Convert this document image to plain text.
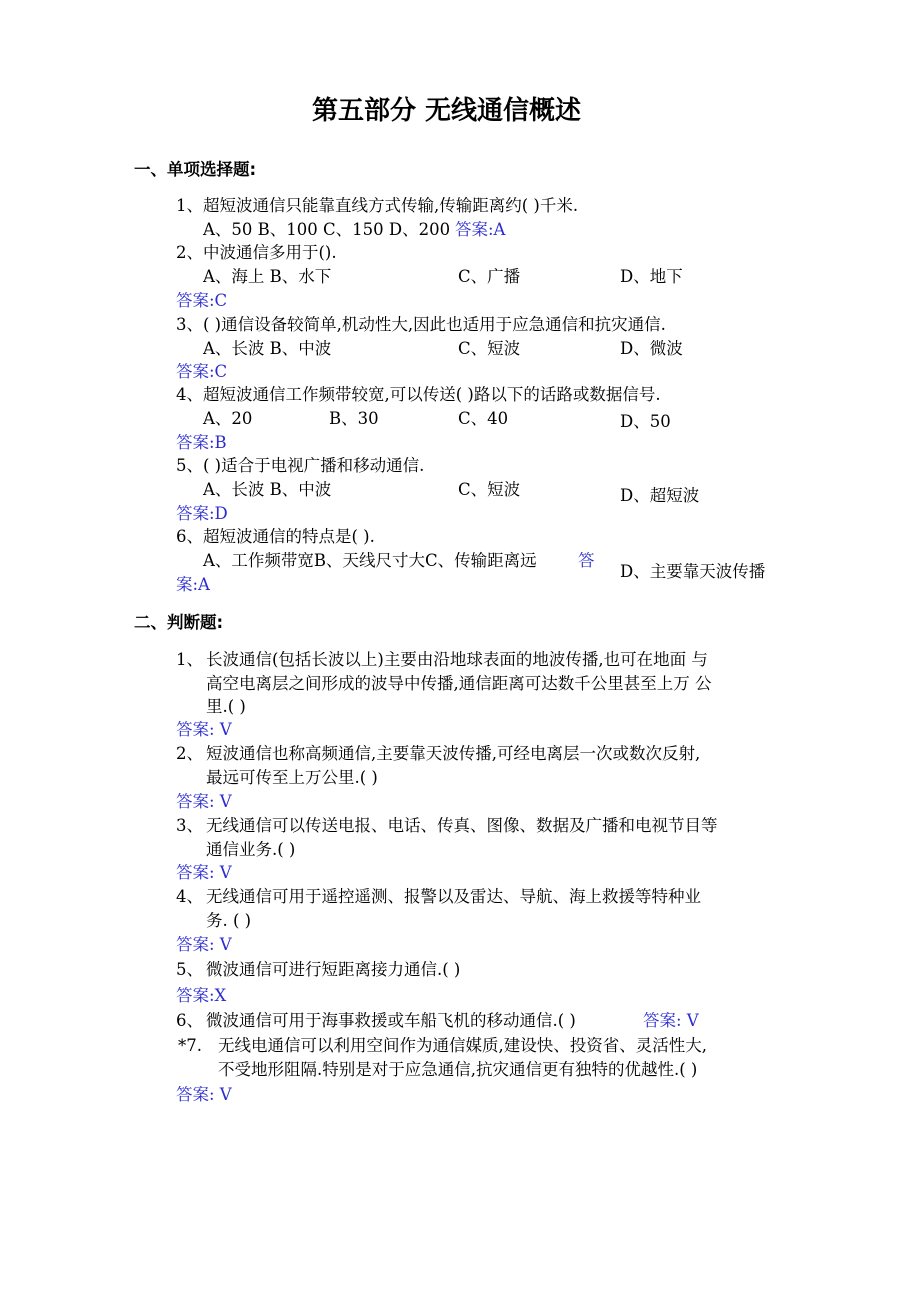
第五部分 无线通信概述
一、单项选择题:
1、超短波通信只能靠直线方式传输,传输距离约( )千米.
A、50 B、100 C、150 D、200 答案:A
2、中波通信多用于().
A、海上 B、水下	C、广播	D、地下
答案:C
3、( )通信设备较简单,机动性大,因此也适用于应急通信和抗灾通信.
A、长波 B、中波	C、短波	D、微波
答案:C
4、超短波通信工作频带较宽,可以传送( )路以下的话路或数据信号.
A、20	B、30	C、40	D、50
答案:B
5、( )适合于电视广播和移动通信.
A、长波 B、中波	C、短波	D、超短波
答案:D
6、超短波通信的特点是( ).
A、工作频带宽B、天线尺寸大C、传输距离远	答
案:A
D、主要靠天波传播
二、判断题:
1、 长波通信(包括长波以上)主要由沿地球表面的地波传播,也可在地面 与
高空电离层之间形成的波导中传播,通信距离可达数千公里甚至上万 公
里.( )
答案: V
2、 短波通信也称高频通信,主要靠天波传播,可经电离层一次或数次反射,
最远可传至上万公里.( )
答案: V
3、 无线通信可以传送电报、电话、传真、图像、数据及广播和电视节目等
通信业务.( )
答案: V
4、 无线通信可用于遥控遥测、报警以及雷达、导航、海上救援等特种业
务. ( )
答案: V
5、 微波通信可进行短距离接力通信.( )
答案:X
6、 微波通信可用于海事救援或车船飞机的移动通信.( )	答案: V
*7. 无线电通信可以利用空间作为通信媒质,建设快、投资省、灵活性大,
不受地形阻隔.特别是对于应急通信,抗灾通信更有独特的优越性.( )
答案: V
